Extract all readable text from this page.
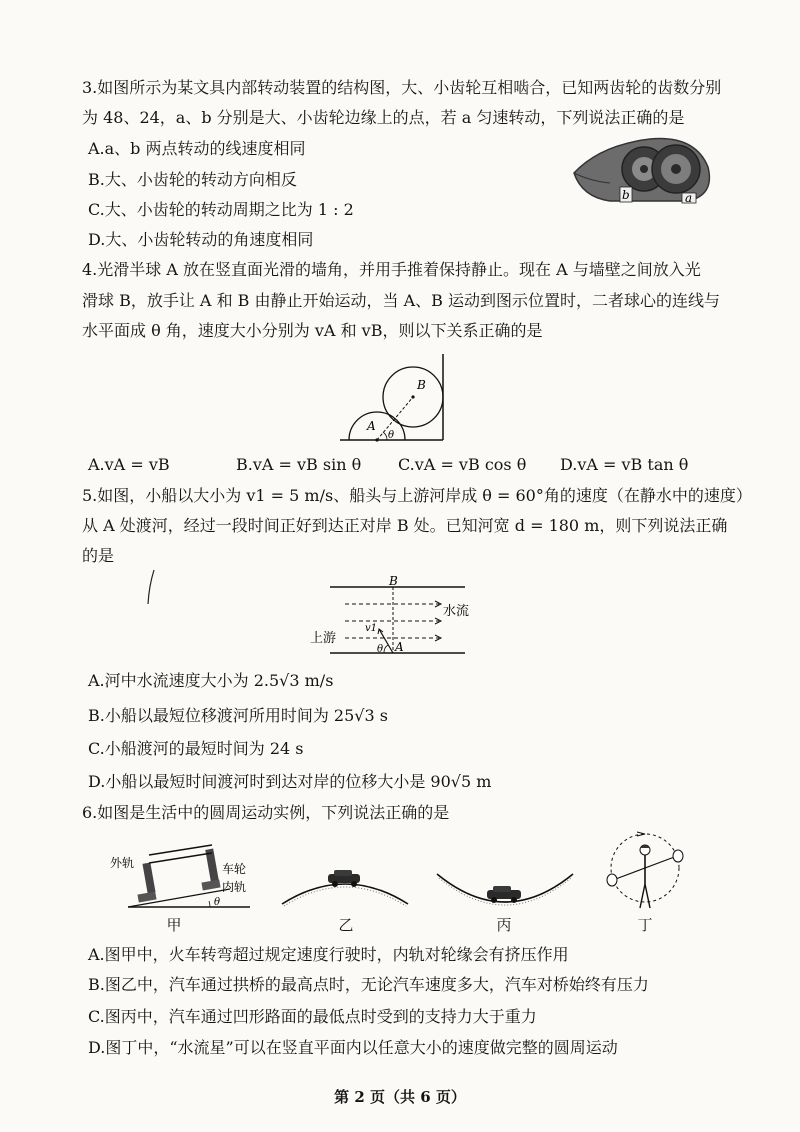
3.如图所示为某文具内部转动装置的结构图，大、小齿轮互相啮合，已知两齿轮的齿数分别
为 48、24，a、b 分别是大、小齿轮边缘上的点，若 a 匀速转动，下列说法正确的是
A.a、b 两点转动的线速度相同
B.大、小齿轮的转动方向相反
C.大、小齿轮的转动周期之比为 1 : 2
D.大、小齿轮转动的角速度相同
b	a
4.光滑半球 A 放在竖直面光滑的墙角，并用手推着保持静止。现在 A 与墙壁之间放入光
滑球 B，放手让 A 和 B 由静止开始运动，当 A、B 运动到图示位置时，二者球心的连线与
水平面成 θ 角，速度大小分别为 vA 和 vB，则以下关系正确的是
A
B
θ
A.vA = vB	B.vA = vB sin θ C.vA = vB cos θ D.vA = vB tan θ
5.如图，小船以大小为 v1 = 5 m/s、船头与上游河岸成 θ = 60°角的速度（在静水中的速度）
从 A 处渡河，经过一段时间正好到达正对岸 B 处。已知河宽 d = 180 m，则下列说法正确
的是
B
A
水流
上游
v1
θ
A.河中水流速度大小为 2.5√3 m/s
B.小船以最短位移渡河所用时间为 25√3 s
C.小船渡河的最短时间为 24 s
D.小船以最短时间渡河时到达对岸的位移大小是 90√5 m
6.如图是生活中的圆周运动实例，下列说法正确的是
外轨	车轮
内轨
θ
甲	乙	丙	丁
A.图甲中，火车转弯超过规定速度行驶时，内轨对轮缘会有挤压作用
B.图乙中，汽车通过拱桥的最高点时，无论汽车速度多大，汽车对桥始终有压力
C.图丙中，汽车通过凹形路面的最低点时受到的支持力大于重力
D.图丁中，“水流星”可以在竖直平面内以任意大小的速度做完整的圆周运动
第 2 页（共 6 页）
